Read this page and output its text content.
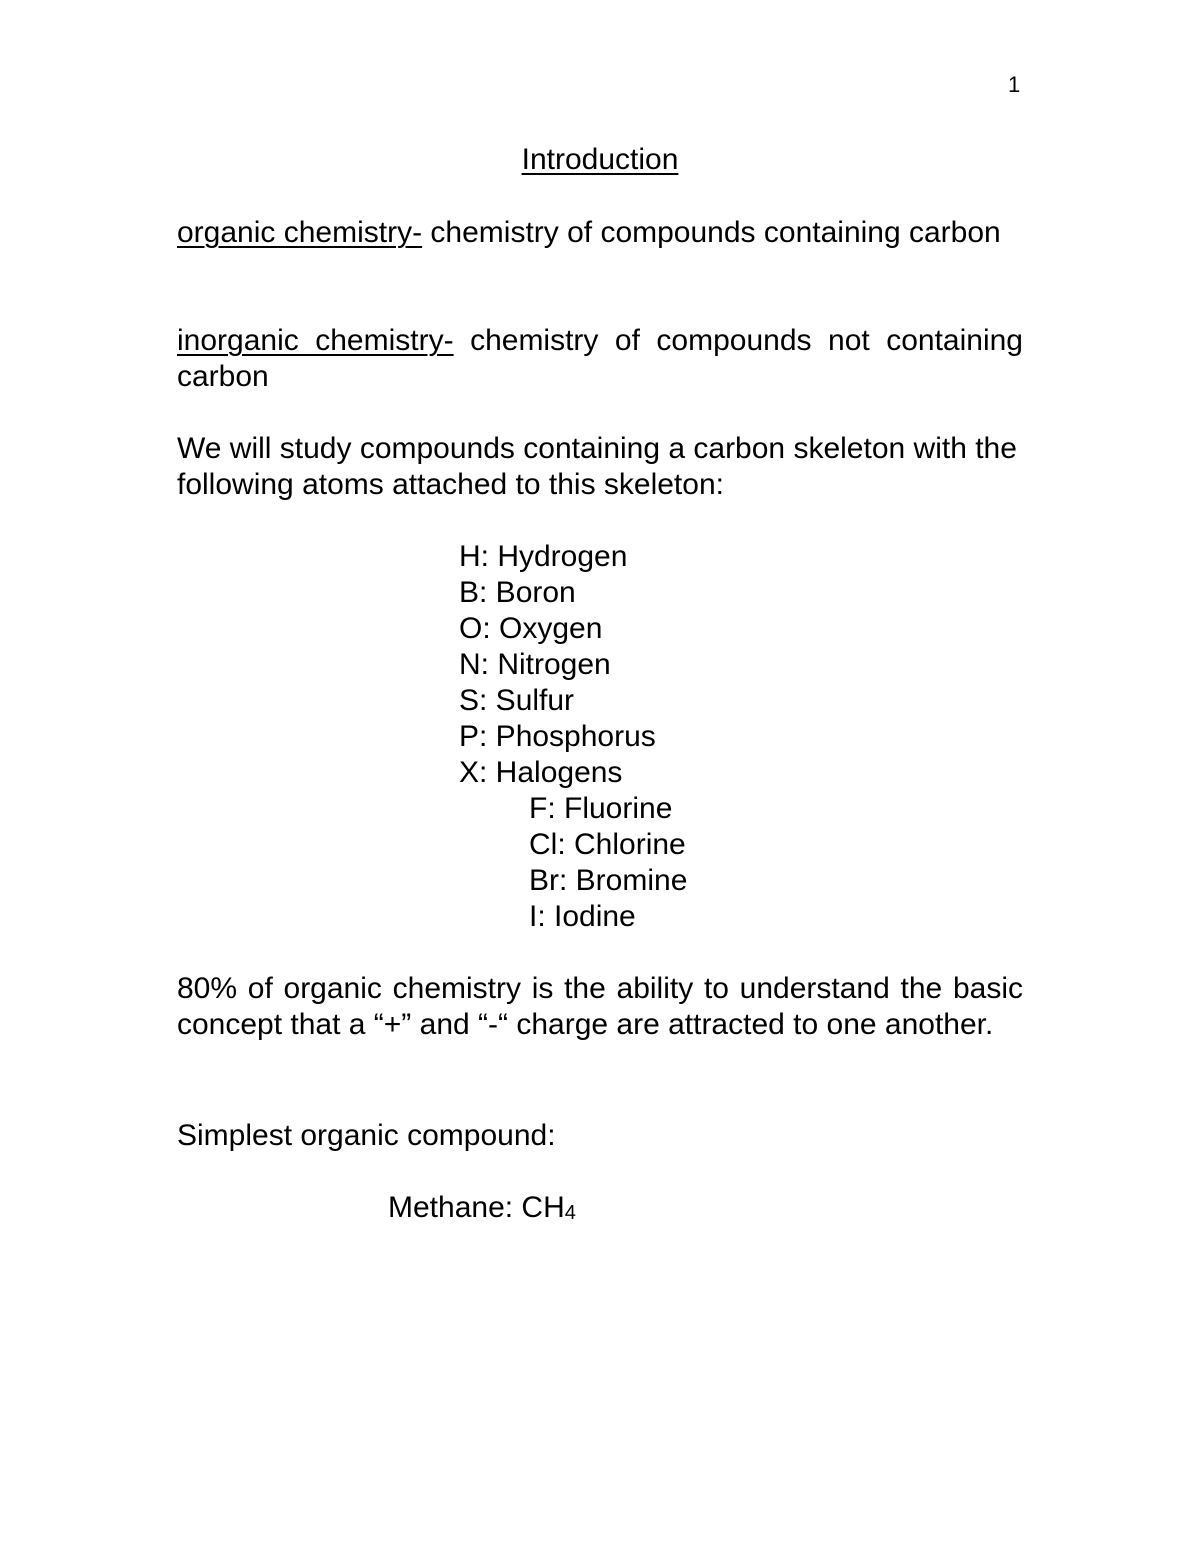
1
Introduction

organic chemistry- chemistry of compounds containing carbon

inorganic chemistry- chemistry of compounds not containing carbon

We will study compounds containing a carbon skeleton with the following atoms attached to this skeleton:

H: Hydrogen
B: Boron
O: Oxygen
N: Nitrogen
S: Sulfur
P: Phosphorus
X: Halogens
F: Fluorine
Cl: Chlorine
Br: Bromine
I: Iodine

80% of organic chemistry is the ability to understand the basic concept that a “+” and “-“ charge are attracted to one another.

Simplest organic compound:

Methane: $CH_4$
